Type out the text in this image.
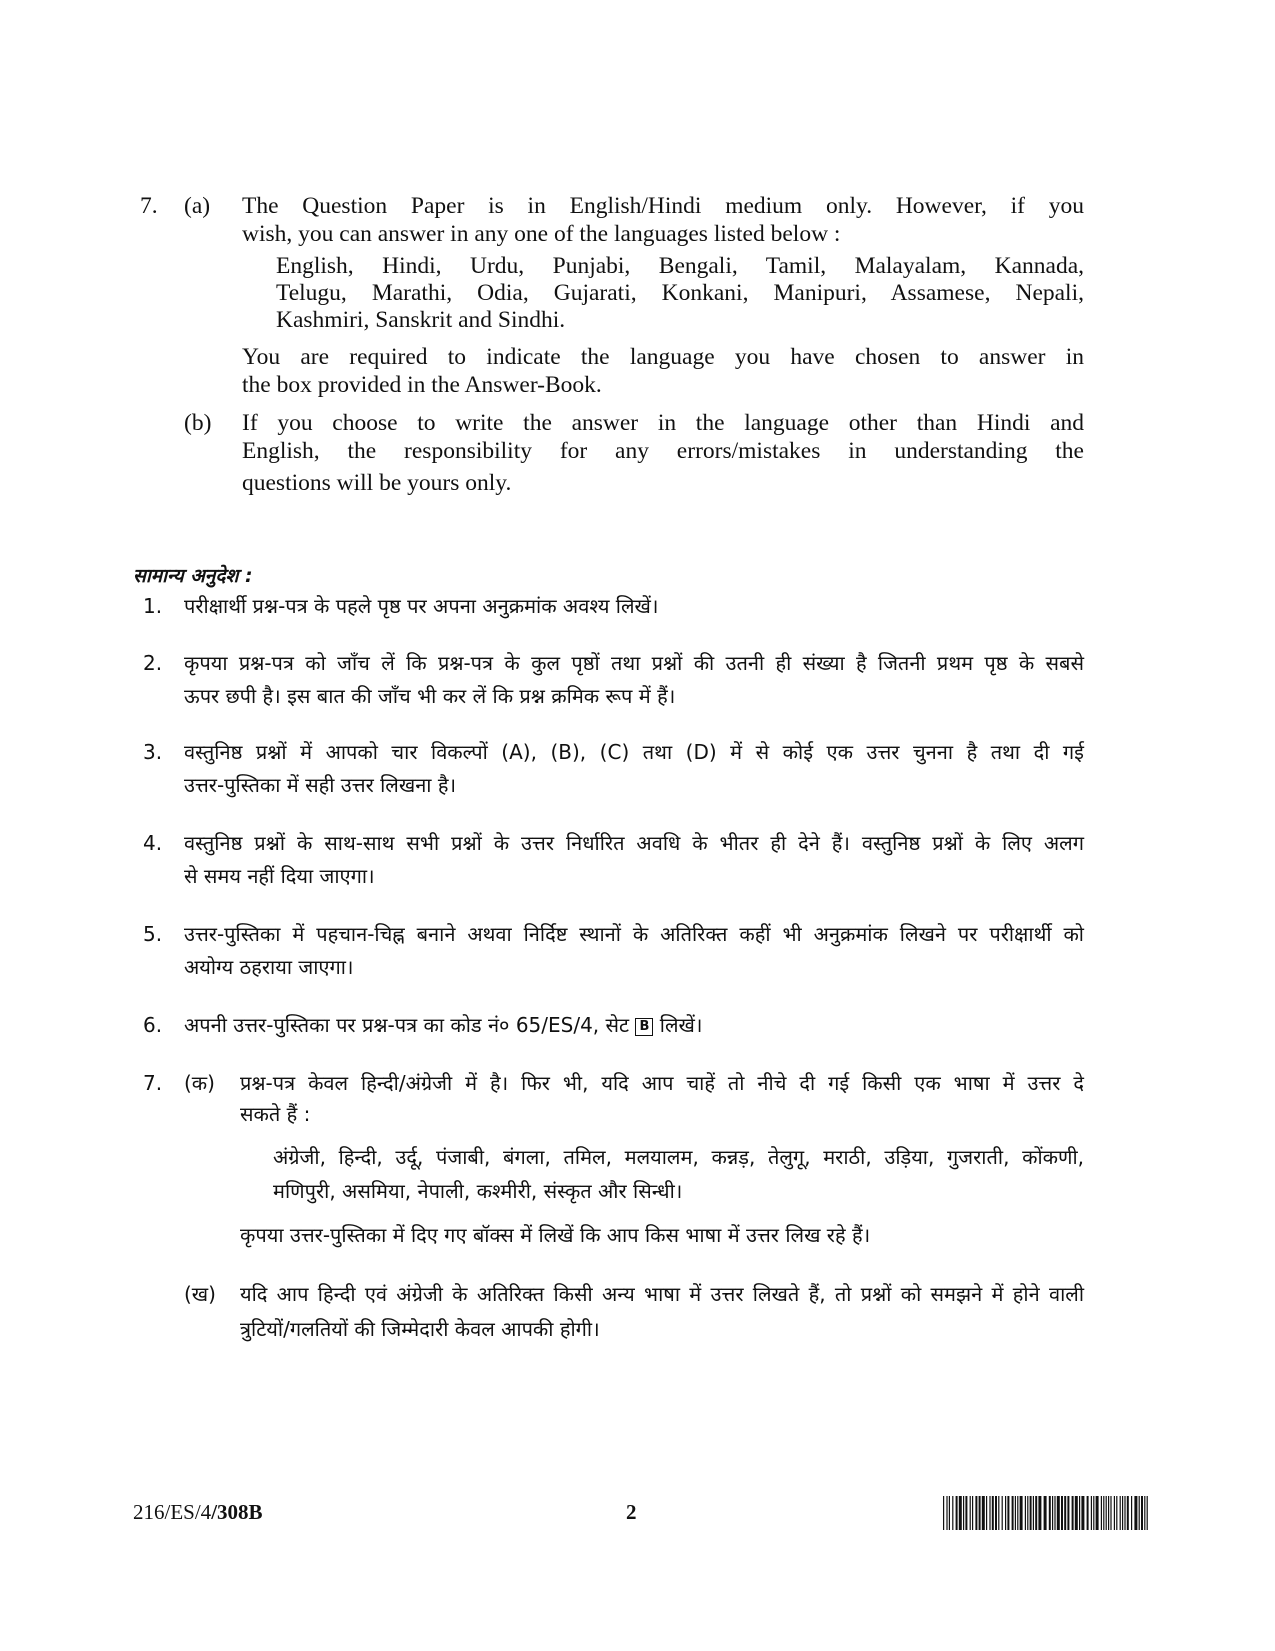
7. (a) The Question Paper is in English/Hindi medium only. However, if you
wish, you can answer in any one of the languages listed below :
English, Hindi, Urdu, Punjabi, Bengali, Tamil, Malayalam, Kannada,
Telugu, Marathi, Odia, Gujarati, Konkani, Manipuri, Assamese, Nepali,
Kashmiri, Sanskrit and Sindhi.
You are required to indicate the language you have chosen to answer in
the box provided in the Answer-Book.
(b) If you choose to write the answer in the language other than Hindi and
English, the responsibility for any errors/mistakes in understanding the
questions will be yours only.
सामान्य अनुदेश :
1. परीक्षार्थी प्रश्न-पत्र के पहले पृष्ठ पर अपना अनुक्रमांक अवश्य लिखें।
2. कृपया प्रश्न-पत्र को जाँच लें कि प्रश्न-पत्र के कुल पृष्ठों तथा प्रश्नों की उतनी ही संख्या है जितनी प्रथम पृष्ठ के सबसे
ऊपर छपी है। इस बात की जाँच भी कर लें कि प्रश्न क्रमिक रूप में हैं।
3. वस्तुनिष्ठ प्रश्नों में आपको चार विकल्पों (A), (B), (C) तथा (D) में से कोई एक उत्तर चुनना है तथा दी गई
उत्तर-पुस्तिका में सही उत्तर लिखना है।
4. वस्तुनिष्ठ प्रश्नों के साथ-साथ सभी प्रश्नों के उत्तर निर्धारित अवधि के भीतर ही देने हैं। वस्तुनिष्ठ प्रश्नों के लिए अलग
से समय नहीं दिया जाएगा।
5. उत्तर-पुस्तिका में पहचान-चिह्न बनाने अथवा निर्दिष्ट स्थानों के अतिरिक्त कहीं भी अनुक्रमांक लिखने पर परीक्षार्थी को
अयोग्य ठहराया जाएगा।
6. अपनी उत्तर-पुस्तिका पर प्रश्न-पत्र का कोड नं० 65/ES/4, सेट B लिखें।
7. (क) प्रश्न-पत्र केवल हिन्दी/अंग्रेजी में है। फिर भी, यदि आप चाहें तो नीचे दी गई किसी एक भाषा में उत्तर दे
सकते हैं :
अंग्रेजी, हिन्दी, उर्दू, पंजाबी, बंगला, तमिल, मलयालम, कन्नड़, तेलुगू, मराठी, उड़िया, गुजराती, कोंकणी,
मणिपुरी, असमिया, नेपाली, कश्मीरी, संस्कृत और सिन्धी।
कृपया उत्तर-पुस्तिका में दिए गए बॉक्स में लिखें कि आप किस भाषा में उत्तर लिख रहे हैं।
(ख) यदि आप हिन्दी एवं अंग्रेजी के अतिरिक्त किसी अन्य भाषा में उत्तर लिखते हैं, तो प्रश्नों को समझने में होने वाली
त्रुटियों/गलतियों की जिम्मेदारी केवल आपकी होगी।
216/ES/4/308B	2
